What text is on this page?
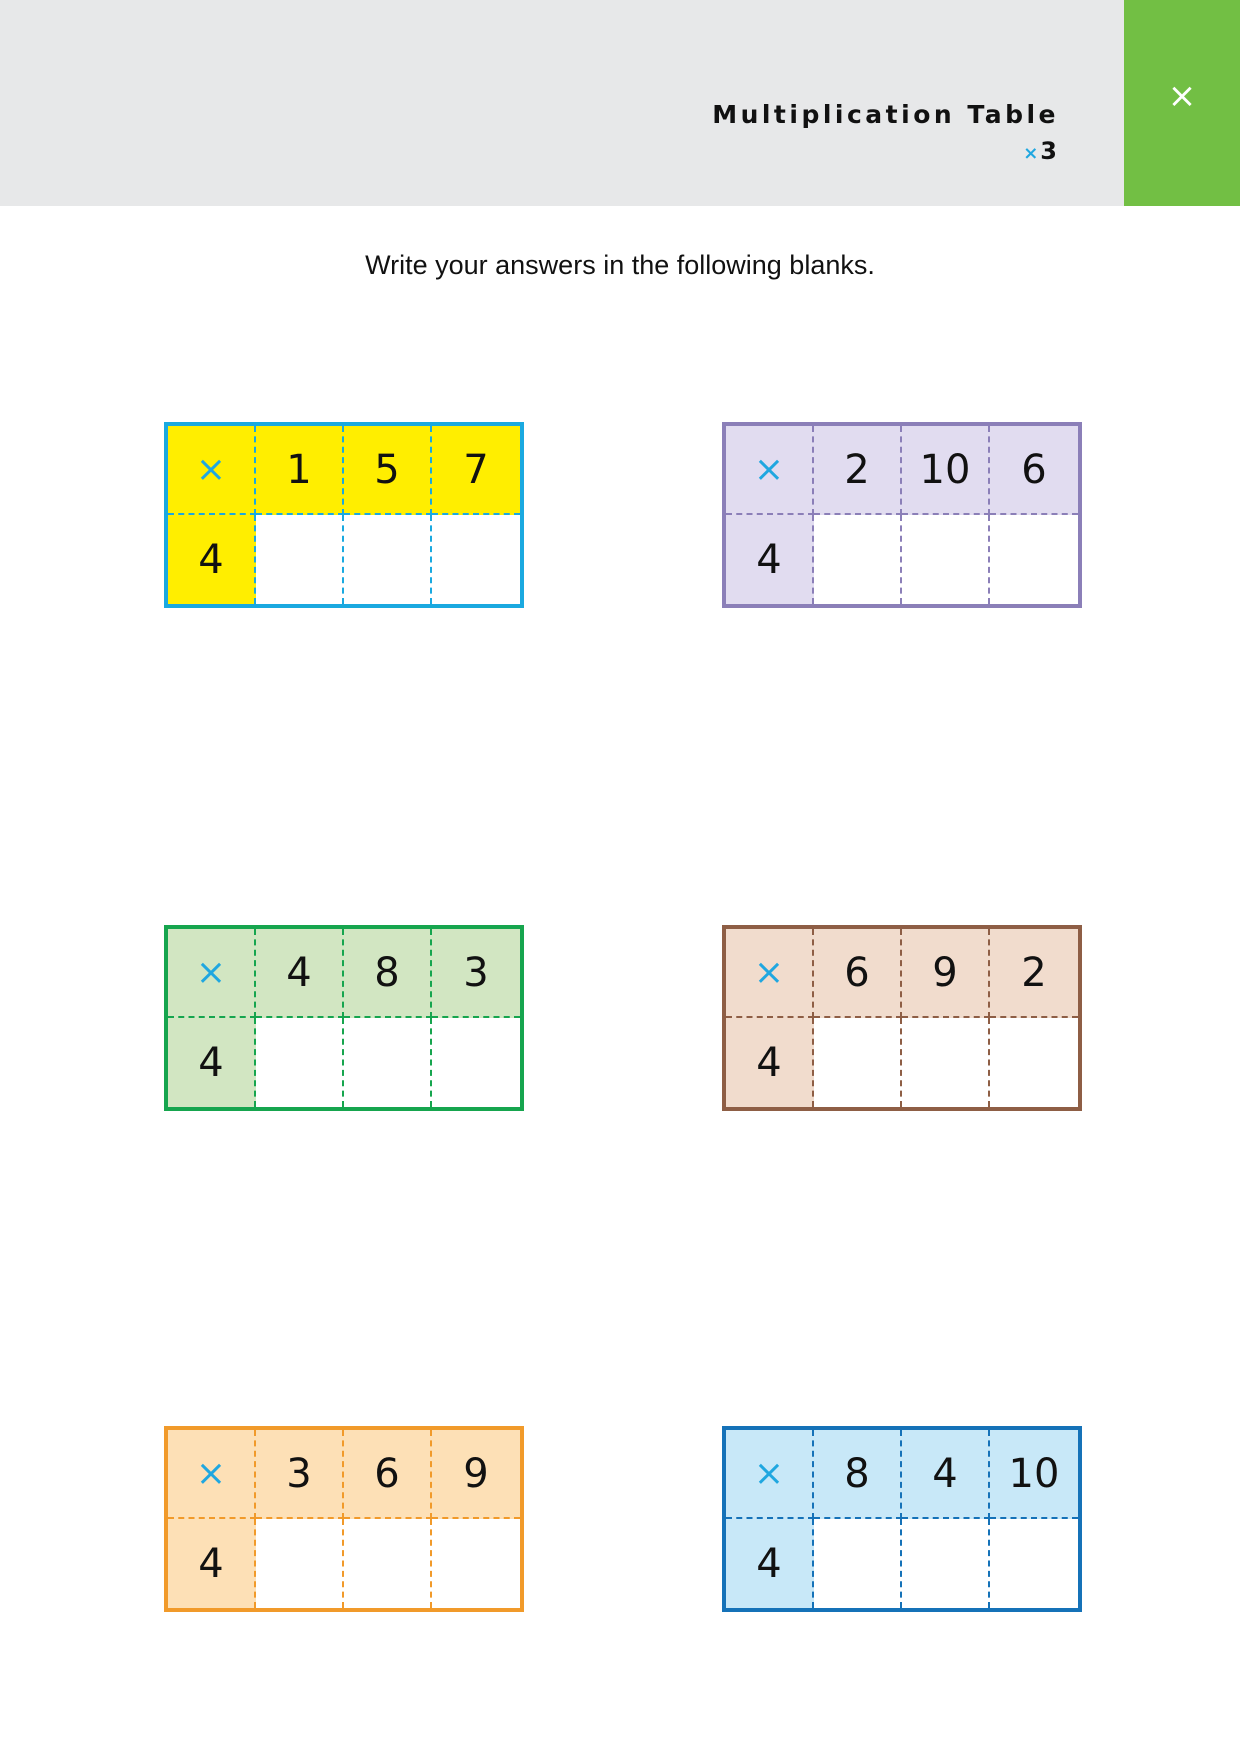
×
Multiplication Table
×3
Write your answers in the following blanks.
×	1	5	7
4
×	2	10	6
4
×	4	8	3
4
×	6	9	2
4
×	3	6	9
4
×	8	4	10
4
